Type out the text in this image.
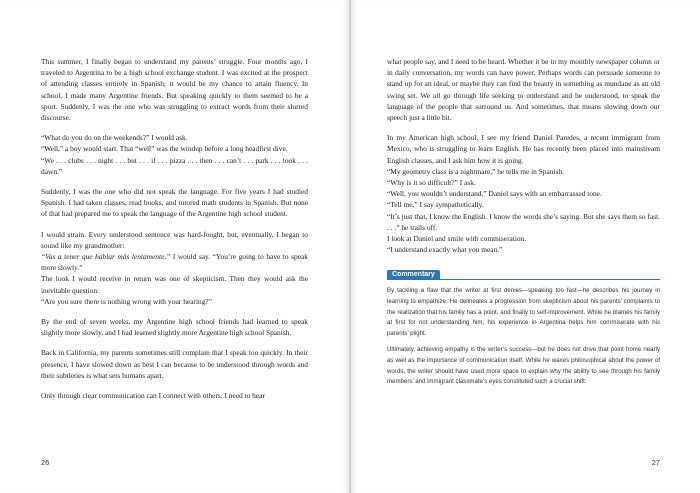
This summer, I finally began to understand my parents’ struggle. Four months ago, I traveled to Argentina to be a high school exchange student. I was excited at the prospect of attending classes entirely in Spanish; it would be my chance to attain fluency. In school, I made many Argentine friends. But speaking quickly to them seemed to be a sport. Suddenly, I was the one who was struggling to extract words from their slurred discourse.

“What do you do on the weekends?” I would ask.

“Well,” a boy would start. That “well” was the windup before a long headfirst dive.

“We . . . clubs . . . night . . . but . . . if . . . pizza . . . then . . . can’t . . . park . . . look . . . dawn.”

Suddenly, I was the one who did not speak the language. For five years I had studied Spanish. I had taken classes, read books, and tutored math students in Spanish. But none of that had prepared me to speak the language of the Argentine high school student.

I would strain. Every understood sentence was hard-fought, but, eventually, I began to sound like my grandmother:

“Vas a tener que hablar más lentamente,” I would say. “You’re going to have to speak more slowly.”

The look I would receive in return was one of skepticism. Then they would ask the inevitable question:

“Are you sure there is nothing wrong with your hearing?”

By the end of seven weeks, my Argentine high school friends had learned to speak slightly more slowly, and I had learned slightly more Argentine high school Spanish.

Back in California, my parents sometimes still complain that I speak too quickly. In their presence, I have slowed down as best I can because to be understood through words and their subtleties is what sets humans apart.

Only through clear communication can I connect with others. I need to hear

26

what people say, and I need to be heard. Whether it be in my monthly newspaper column or in daily conversation, my words can have power. Perhaps words can persuade someone to stand up for an ideal, or maybe they can find the beauty in something as mundane as an old swing set. We all go through life seeking to understand and be understood, to speak the language of the people that surround us. And sometimes, that means slowing down our speech just a little bit.

In my American high school, I see my friend Daniel Paredes, a recent immigrant from Mexico, who is struggling to learn English. He has recently been placed into mainstream English classes, and I ask him how it is going.

“My geometry class is a nightmare,” he tells me in Spanish.

“Why is it so difficult?” I ask.

“Well, you wouldn’t understand,” Daniel says with an embarrassed tone.

“Tell me,” I say sympathetically.

“It’s just that, I know the English. I know the words she’s saying. But she says them so fast. . . .” he trails off.

I look at Daniel and smile with commiseration.

“I understand exactly what you mean.”

Commentary

By tackling a flaw that the writer at first denies—speaking too fast—he describes his journey in learning to empathize. He delineates a progression from skepticism about his parents’ complaints to the realization that his family has a point, and finally to self-improvement. While he blames his family at first for not understanding him, his experience in Argentina helps him commiserate with his parents’ plight.

Ultimately, achieving empathy is the writer’s success—but he does not drive that point home nearly as well as the importance of communication itself. While he waxes philosophical about the power of words, the writer should have used more space to explain why the ability to see through his family members’ and immigrant classmate’s eyes constituted such a crucial shift.

27
